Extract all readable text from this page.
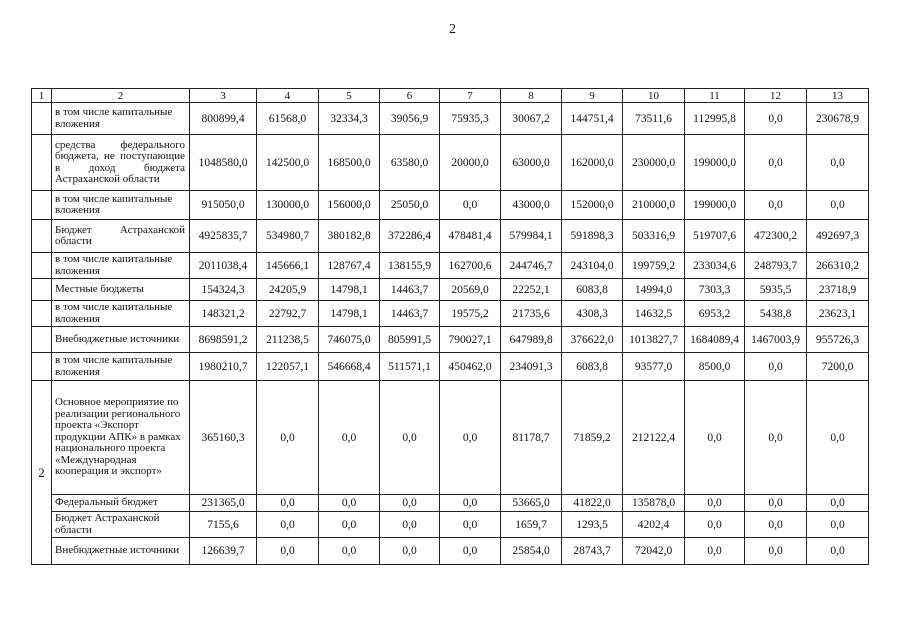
2
1	2	3	4	5	6	7	8	9	10	11	12	13
	в том числе капитальные вложения	800899,4	61568,0	32334,3	39056,9	75935,3	30067,2	144751,4	73511,6	112995,8	0,0	230678,9
	средства федерального бюджета, не поступающие в доход бюджета Астраханской области	1048580,0	142500,0	168500,0	63580,0	20000,0	63000,0	162000,0	230000,0	199000,0	0,0	0,0
	в том числе капитальные вложения	915050,0	130000,0	156000,0	25050,0	0,0	43000,0	152000,0	210000,0	199000,0	0,0	0,0
	Бюджет Астраханской области	4925835,7	534980,7	380182,8	372286,4	478481,4	579984,1	591898,3	503316,9	519707,6	472300,2	492697,3
	в том числе капитальные вложения	2011038,4	145666,1	128767,4	138155,9	162700,6	244746,7	243104,0	199759,2	233034,6	248793,7	266310,2
	Местные бюджеты	154324,3	24205,9	14798,1	14463,7	20569,0	22252,1	6083,8	14994,0	7303,3	5935,5	23718,9
	в том числе капитальные вложения	148321,2	22792,7	14798,1	14463,7	19575,2	21735,6	4308,3	14632,5	6953,2	5438,8	23623,1
	Внебюджетные источники	8698591,2	211238,5	746075,0	805991,5	790027,1	647989,8	376622,0	1013827,7	1684089,4	1467003,9	955726,3
	в том числе капитальные вложения	1980210,7	122057,1	546668,4	511571,1	450462,0	234091,3	6083,8	93577,0	8500,0	0,0	7200,0
2	Основное мероприятие по реализации регионального проекта «Экспорт продукции АПК» в рамках национального проекта «Международная кооперация и экспорт»	365160,3	0,0	0,0	0,0	0,0	81178,7	71859,2	212122,4	0,0	0,0	0,0
	Федеральный бюджет	231365,0	0,0	0,0	0,0	0,0	53665,0	41822,0	135878,0	0,0	0,0	0,0
	Бюджет Астраханской области	7155,6	0,0	0,0	0,0	0,0	1659,7	1293,5	4202,4	0,0	0,0	0,0
	Внебюджетные источники	126639,7	0,0	0,0	0,0	0,0	25854,0	28743,7	72042,0	0,0	0,0	0,0
